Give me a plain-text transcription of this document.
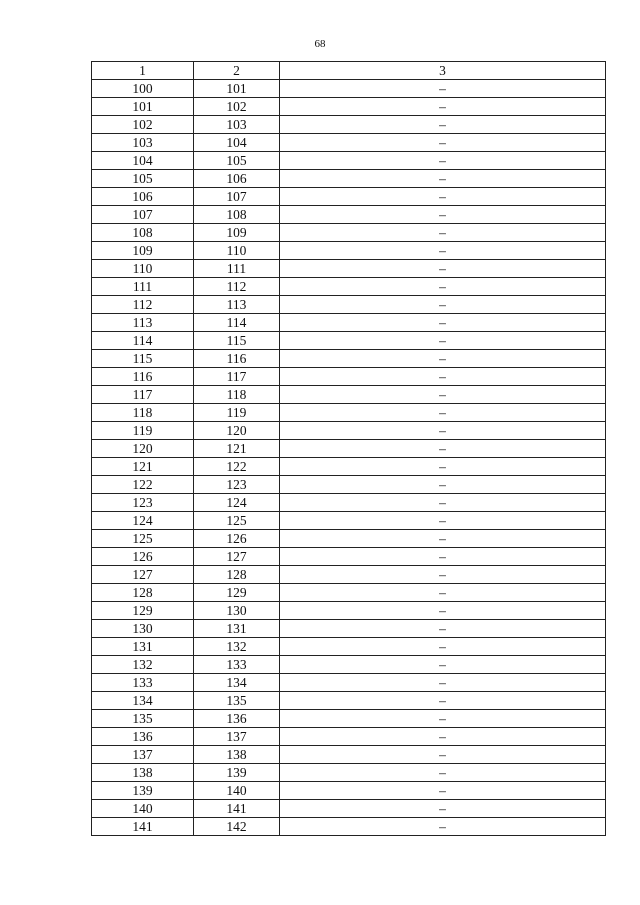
68
1	2	3
100	101	–
101	102	–
102	103	–
103	104	–
104	105	–
105	106	–
106	107	–
107	108	–
108	109	–
109	110	–
110	111	–
111	112	–
112	113	–
113	114	–
114	115	–
115	116	–
116	117	–
117	118	–
118	119	–
119	120	–
120	121	–
121	122	–
122	123	–
123	124	–
124	125	–
125	126	–
126	127	–
127	128	–
128	129	–
129	130	–
130	131	–
131	132	–
132	133	–
133	134	–
134	135	–
135	136	–
136	137	–
137	138	–
138	139	–
139	140	–
140	141	–
141	142	–
